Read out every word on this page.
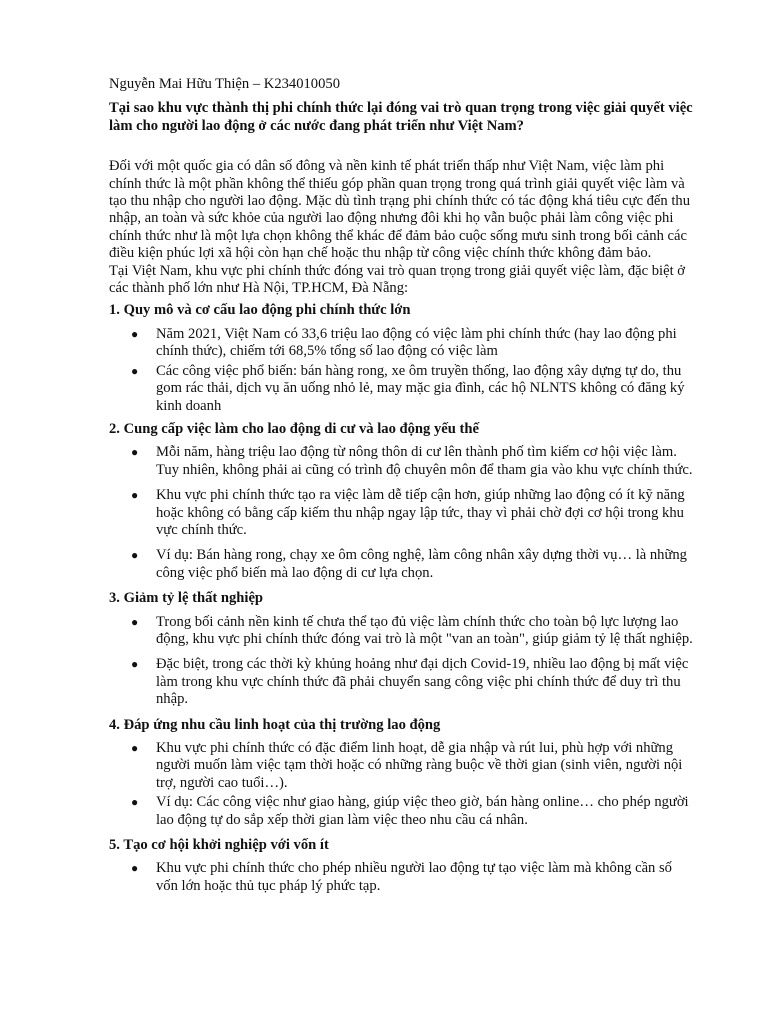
Nguyễn Mai Hữu Thiện – K234010050

Tại sao khu vực thành thị phi chính thức lại đóng vai trò quan trọng trong việc giải quyết việc làm cho người lao động ở các nước đang phát triển như Việt Nam?

Đối với một quốc gia có dân số đông và nền kinh tế phát triển thấp như Việt Nam, việc làm phi chính thức là một phần không thể thiếu góp phần quan trọng trong quá trình giải quyết việc làm và tạo thu nhập cho người lao động. Mặc dù tình trạng phi chính thức có tác động khá tiêu cực đến thu nhập, an toàn và sức khỏe của người lao động nhưng đôi khi họ vẫn buộc phải làm công việc phi chính thức như là một lựa chọn không thể khác để đảm bảo cuộc sống mưu sinh trong bối cảnh các điều kiện phúc lợi xã hội còn hạn chế hoặc thu nhập từ công việc chính thức không đảm bảo.

Tại Việt Nam, khu vực phi chính thức đóng vai trò quan trọng trong giải quyết việc làm, đặc biệt ở các thành phố lớn như Hà Nội, TP.HCM, Đà Nẵng:

1. Quy mô và cơ cấu lao động phi chính thức lớn
● Năm 2021, Việt Nam có 33,6 triệu lao động có việc làm phi chính thức (hay lao động phi chính thức), chiếm tới 68,5% tổng số lao động có việc làm
● Các công việc phổ biến: bán hàng rong, xe ôm truyền thống, lao động xây dựng tự do, thu gom rác thải, dịch vụ ăn uống nhỏ lẻ, may mặc gia đình, các hộ NLNTS không có đăng ký kinh doanh
2. Cung cấp việc làm cho lao động di cư và lao động yếu thế
● Mỗi năm, hàng triệu lao động từ nông thôn di cư lên thành phố tìm kiếm cơ hội việc làm. Tuy nhiên, không phải ai cũng có trình độ chuyên môn để tham gia vào khu vực chính thức.
● Khu vực phi chính thức tạo ra việc làm dễ tiếp cận hơn, giúp những lao động có ít kỹ năng hoặc không có bằng cấp kiếm thu nhập ngay lập tức, thay vì phải chờ đợi cơ hội trong khu vực chính thức.
● Ví dụ: Bán hàng rong, chạy xe ôm công nghệ, làm công nhân xây dựng thời vụ… là những công việc phổ biến mà lao động di cư lựa chọn.
3. Giảm tỷ lệ thất nghiệp
● Trong bối cảnh nền kinh tế chưa thể tạo đủ việc làm chính thức cho toàn bộ lực lượng lao động, khu vực phi chính thức đóng vai trò là một "van an toàn", giúp giảm tỷ lệ thất nghiệp.
● Đặc biệt, trong các thời kỳ khủng hoảng như đại dịch Covid-19, nhiều lao động bị mất việc làm trong khu vực chính thức đã phải chuyển sang công việc phi chính thức để duy trì thu nhập.
4. Đáp ứng nhu cầu linh hoạt của thị trường lao động
● Khu vực phi chính thức có đặc điểm linh hoạt, dễ gia nhập và rút lui, phù hợp với những người muốn làm việc tạm thời hoặc có những ràng buộc về thời gian (sinh viên, người nội trợ, người cao tuổi…).
● Ví dụ: Các công việc như giao hàng, giúp việc theo giờ, bán hàng online… cho phép người lao động tự do sắp xếp thời gian làm việc theo nhu cầu cá nhân.
5. Tạo cơ hội khởi nghiệp với vốn ít
● Khu vực phi chính thức cho phép nhiều người lao động tự tạo việc làm mà không cần số vốn lớn hoặc thủ tục pháp lý phức tạp.
